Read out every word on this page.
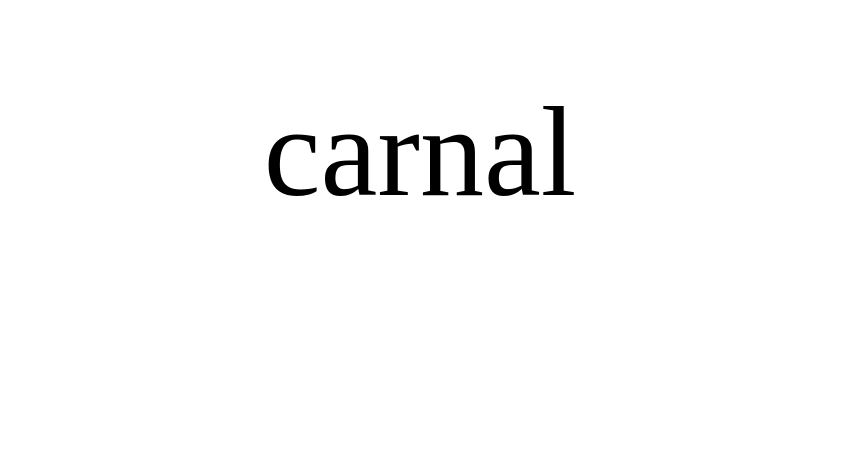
carnal
